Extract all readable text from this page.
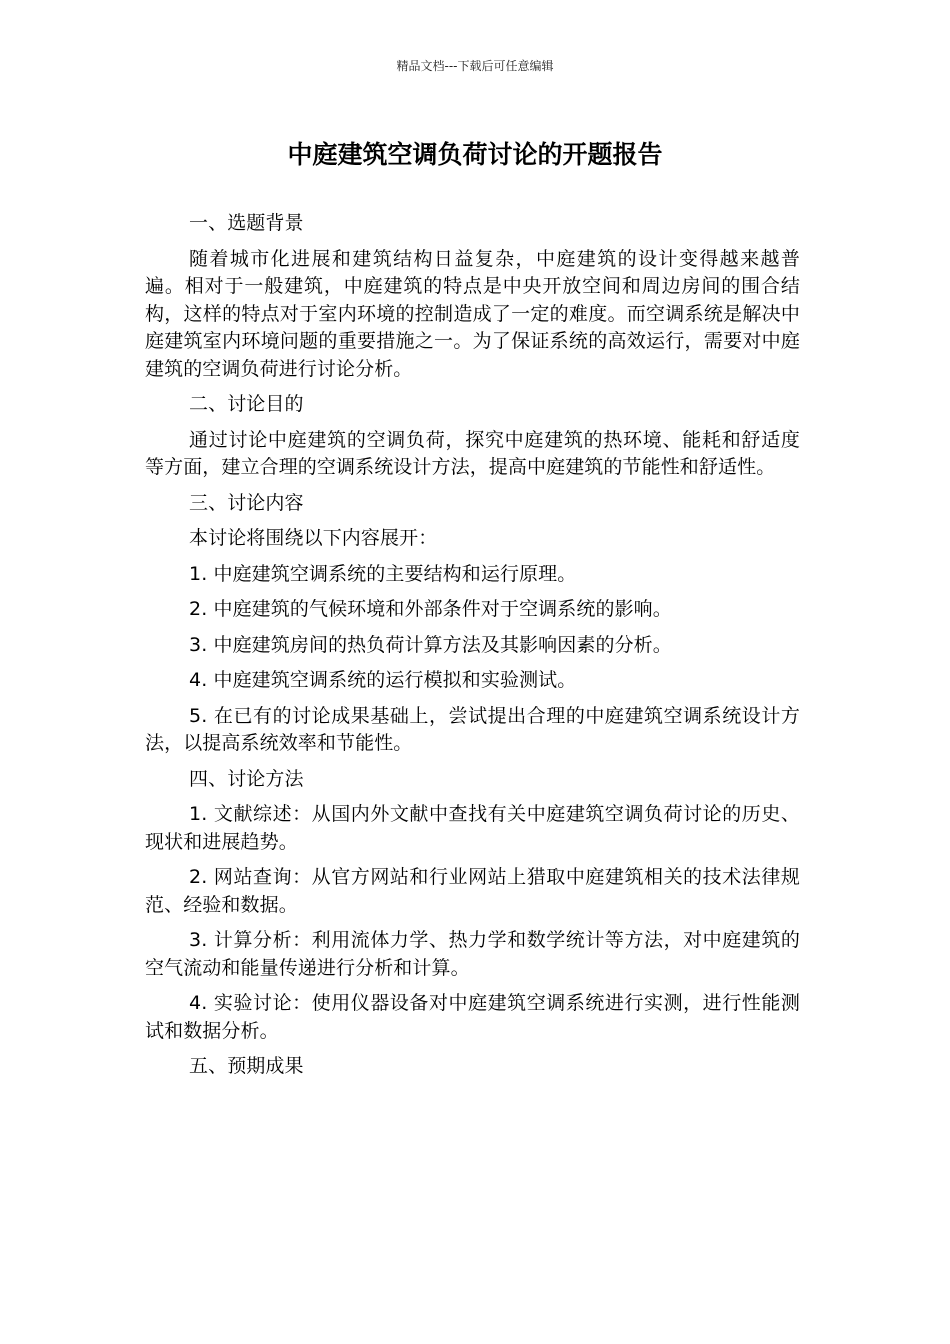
精品文档---下载后可任意编辑
中庭建筑空调负荷讨论的开题报告

一、选题背景

随着城市化进展和建筑结构日益复杂，中庭建筑的设计变得越来越普遍。相对于一般建筑，中庭建筑的特点是中央开放空间和周边房间的围合结构，这样的特点对于室内环境的控制造成了一定的难度。而空调系统是解决中庭建筑室内环境问题的重要措施之一。为了保证系统的高效运行，需要对中庭建筑的空调负荷进行讨论分析。

二、讨论目的

通过讨论中庭建筑的空调负荷，探究中庭建筑的热环境、能耗和舒适度等方面，建立合理的空调系统设计方法，提高中庭建筑的节能性和舒适性。

三、讨论内容

本讨论将围绕以下内容展开：

1. 中庭建筑空调系统的主要结构和运行原理。

2. 中庭建筑的气候环境和外部条件对于空调系统的影响。

3. 中庭建筑房间的热负荷计算方法及其影响因素的分析。

4. 中庭建筑空调系统的运行模拟和实验测试。

5. 在已有的讨论成果基础上，尝试提出合理的中庭建筑空调系统设计方法，以提高系统效率和节能性。

四、讨论方法

1. 文献综述：从国内外文献中查找有关中庭建筑空调负荷讨论的历史、现状和进展趋势。

2. 网站查询：从官方网站和行业网站上猎取中庭建筑相关的技术法律规范、经验和数据。

3. 计算分析：利用流体力学、热力学和数学统计等方法，对中庭建筑的空气流动和能量传递进行分析和计算。

4. 实验讨论：使用仪器设备对中庭建筑空调系统进行实测，进行性能测试和数据分析。

五、预期成果
